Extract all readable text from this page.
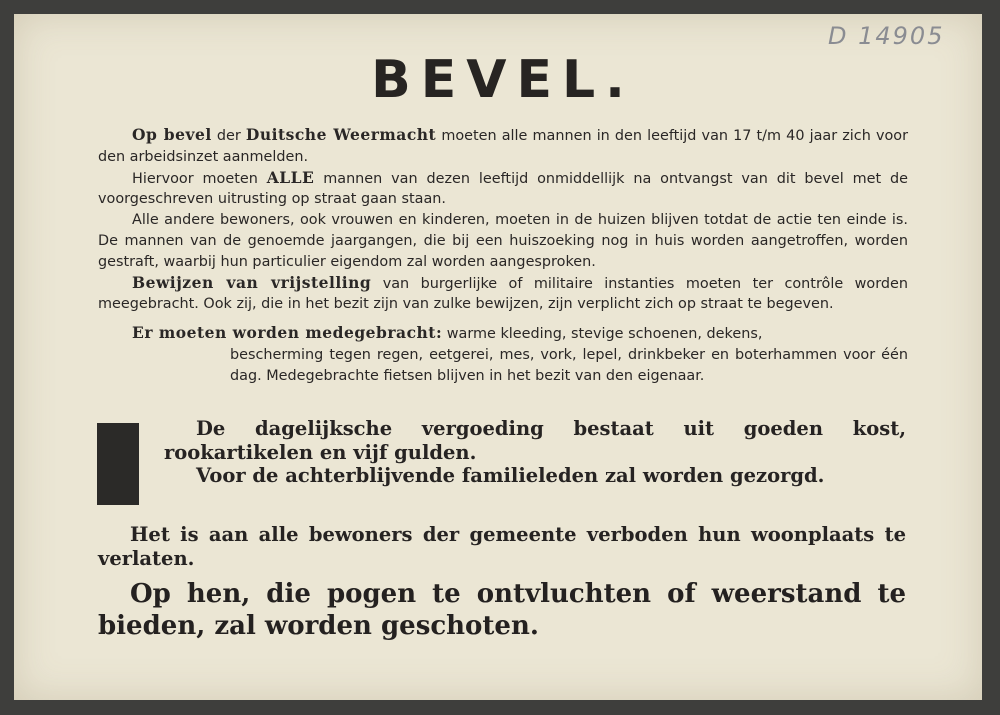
D 14905
BEVEL.

Op bevel der Duitsche Weermacht moeten alle mannen in den leeftijd van 17 t/m 40 jaar zich voor den arbeidsinzet aanmelden.

Hiervoor moeten ALLE mannen van dezen leeftijd onmiddellijk na ontvangst van dit bevel met de voorgeschreven uitrusting op straat gaan staan.

Alle andere bewoners, ook vrouwen en kinderen, moeten in de huizen blijven totdat de actie ten einde is. De mannen van de genoemde jaargangen, die bij een huiszoeking nog in huis worden aangetroffen, worden gestraft, waarbij hun particulier eigendom zal worden aangesproken.

Bewijzen van vrijstelling van burgerlijke of militaire instanties moeten ter contrôle worden meegebracht. Ook zij, die in het bezit zijn van zulke bewijzen, zijn verplicht zich op straat te begeven.

Er moeten worden medegebracht: warme kleeding, stevige schoenen, dekens,

bescherming tegen regen, eetgerei, mes, vork, lepel, drinkbeker en boterhammen voor één dag. Medegebrachte fietsen blijven in het bezit van den eigenaar.

De dagelijksche vergoeding bestaat uit goeden kost, rookartikelen en vijf gulden.

Voor de achterblijvende familieleden zal worden gezorgd.

Het is aan alle bewoners der gemeente verboden hun woonplaats te verlaten.
Op hen, die pogen te ontvluchten of weerstand te bieden, zal worden geschoten.
